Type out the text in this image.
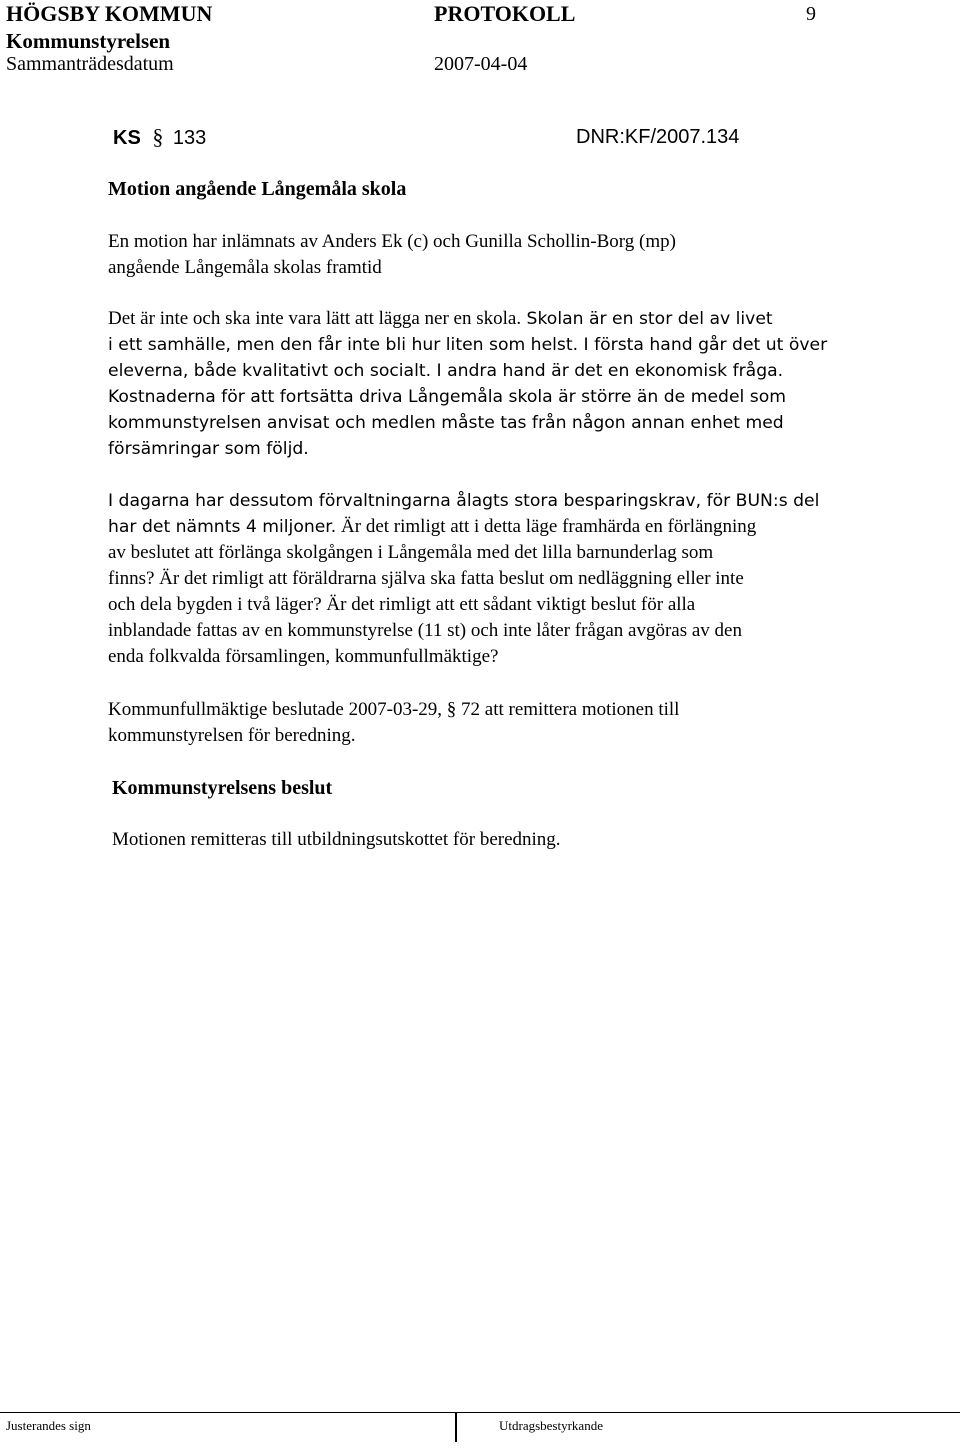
HÖGSBY KOMMUN	PROTOKOLL	9
Kommunstyrelsen
Sammanträdesdatum	2007-04-04
KS § 133	DNR:KF/2007.134
Motion angående Långemåla skola
En motion har inlämnats av Anders Ek (c) och Gunilla Schollin-Borg (mp)
angående Långemåla skolas framtid
Det är inte och ska inte vara lätt att lägga ner en skola. Skolan är en stor del av livet
i ett samhälle, men den får inte bli hur liten som helst. I första hand går det ut över
eleverna, både kvalitativt och socialt. I andra hand är det en ekonomisk fråga.
Kostnaderna för att fortsätta driva Långemåla skola är större än de medel som
kommunstyrelsen anvisat och medlen måste tas från någon annan enhet med
försämringar som följd.
I dagarna har dessutom förvaltningarna ålagts stora besparingskrav, för BUN:s del
har det nämnts 4 miljoner. Är det rimligt att i detta läge framhärda en förlängning
av beslutet att förlänga skolgången i Långemåla med det lilla barnunderlag som
finns? Är det rimligt att föräldrarna själva ska fatta beslut om nedläggning eller inte
och dela bygden i två läger? Är det rimligt att ett sådant viktigt beslut för alla
inblandade fattas av en kommunstyrelse (11 st) och inte låter frågan avgöras av den
enda folkvalda församlingen, kommunfullmäktige?
Kommunfullmäktige beslutade 2007-03-29, § 72 att remittera motionen till
kommunstyrelsen för beredning.
Kommunstyrelsens beslut
Motionen remitteras till utbildningsutskottet för beredning.
Justerandes sign	Utdragsbestyrkande
